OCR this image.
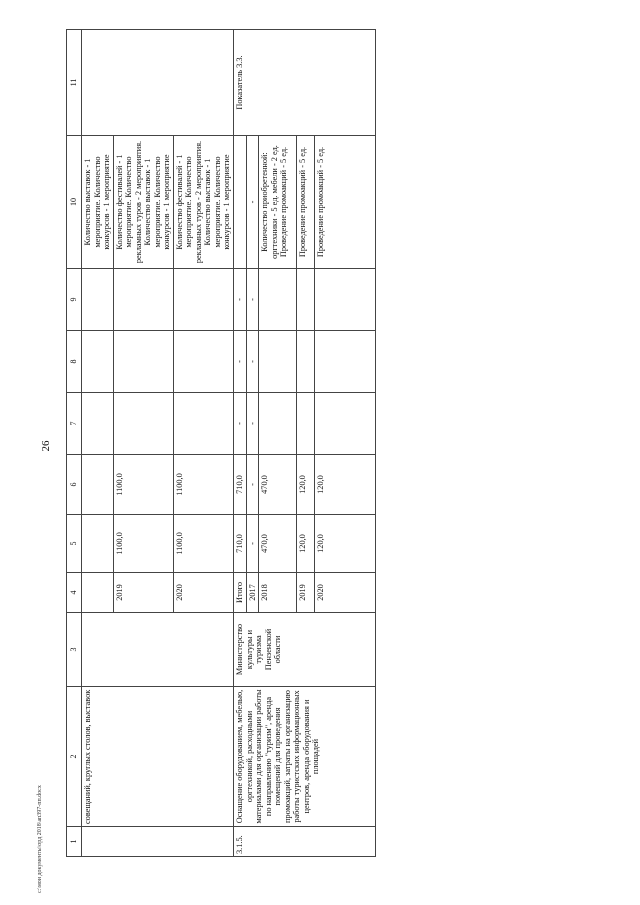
26
c:\мои документы\орд 2018\ап397-пп.docx	1	2	3	4	5	6	7	8	9	10	11
	совещаний, круглых столов, выставок								Количество выставок - 1 мероприятие. Количество конкурсов - 1 мероприятие	
			2019	1100,0	1100,0				Количество фестивалей - 1 мероприятие. Количество рекламных туров - 2 мероприятия. Количество выставок - 1 мероприятие. Количество конкурсов - 1 мероприятие	
			2020	1100,0	1100,0				Количество фестивалей - 1 мероприятие. Количество рекламных туров - 2 мероприятия. Количество выставок - 1 мероприятие. Количество конкурсов - 1 мероприятие	
3.1.5.	Оснащение оборудованием, мебелью, оргтехникой, расходными материалами для организации работы по направлению "туризм", аренда помещений для проведения промоакций, затраты на организацию работы туристских информационных центров, аренда оборудования и площадей	Министерство культуры и туризма Пензенской области	Итого	710,0	710,0	-	-	-		Показатель 3.3.
			2017	-	-	-	-	-	-	
			2018	470,0	470,0				Количество приобретенной: оргтехники - 5 ед. мебели - 2 ед. Проведение промоакций - 5 ед.	
			2019	120,0	120,0				Проведение промоакций - 5 ед.	
			2020	120,0	120,0				Проведение промоакций - 5 ед.	
